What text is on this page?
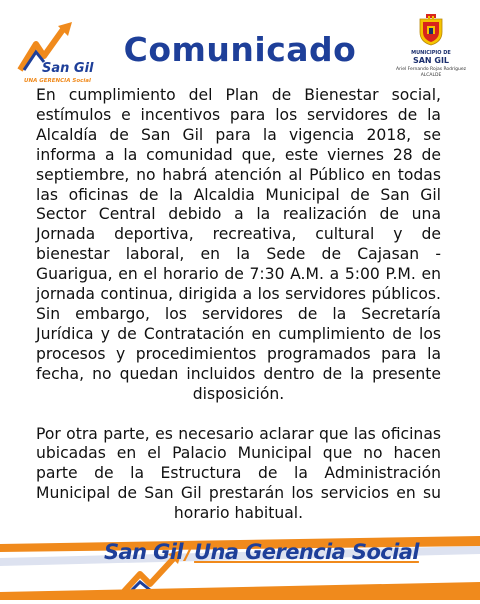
San Gil
UNA GERENCIA Social
Comunicado	MUNICIPIO DE
SAN GIL
Ariel Fernando Rojas Rodríguez
ALCALDE

En cumplimiento del Plan de Bienestar social, estímulos e incentivos para los servidores de la Alcaldía de San Gil para la vigencia 2018, se informa a la comunidad que, este viernes 28 de septiembre, no habrá atención al Público en todas las oficinas de la Alcaldia Municipal de San Gil Sector Central debido a la realización de una Jornada deportiva, recreativa, cultural y de bienestar laboral, en la Sede de Cajasan - Guarigua, en el horario de 7:30 A.M. a 5:00 P.M. en jornada continua, dirigida a los servidores públicos. Sin embargo, los servidores de la Secretaría Jurídica y de Contratación en cumplimiento de los procesos y procedimientos programados para la fecha, no quedan incluidos dentro de la presente disposición.

Por otra parte, es necesario aclarar que las oficinas ubicadas en el Palacio Municipal que no hacen parte de la Estructura de la Administración Municipal de San Gil prestarán los servicios en su horario habitual.

San Gil/Una Gerencia Social
